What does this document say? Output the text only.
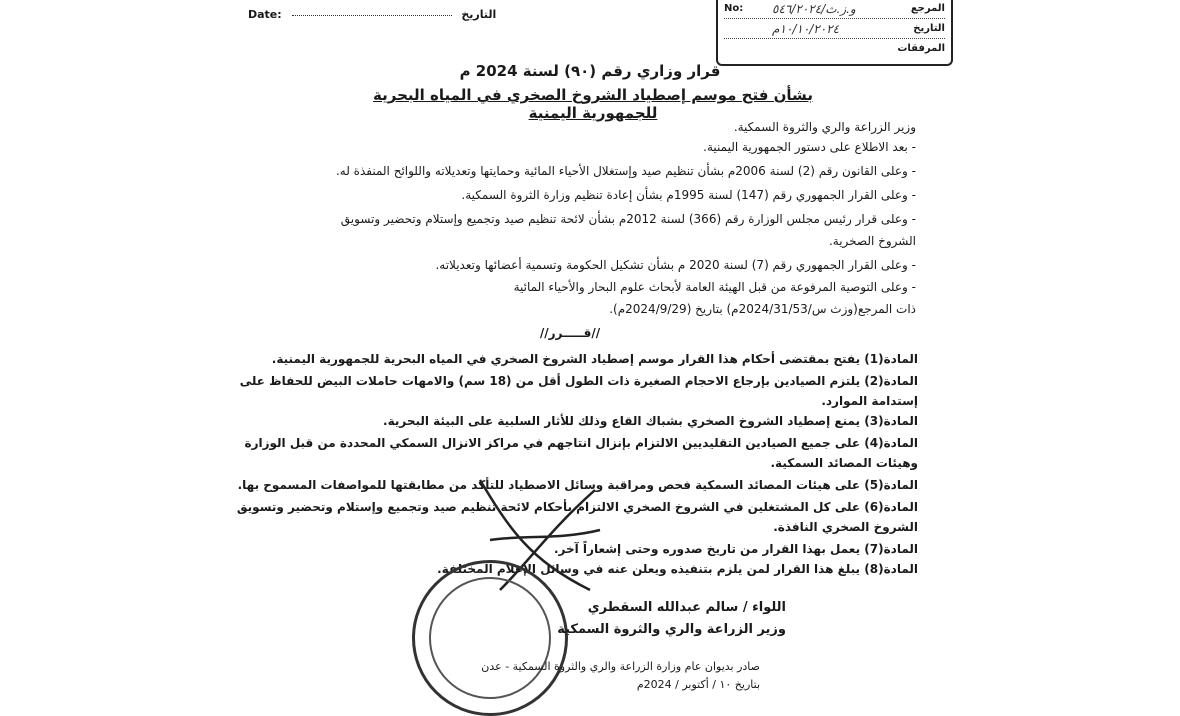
Date:	التاريخ	No: و.ز.ث/٥٤٦/٢٠٢٤	المرجع
١٠/١٠/٢٠٢٤م	التاريخ
المرفقات
قرار وزاري رقم (٩٠) لسنة 2024 م
بشأن فتح موسم إصطياد الشروخ الصخري في المياه البحرية للجمهورية اليمنية
وزير الزراعة والري والثروة السمكية.
- بعد الاطلاع على دستور الجمهورية اليمنية.
- وعلى القانون رقم (2) لسنة 2006م بشأن تنظيم صيد وإستغلال الأحياء المائية وحمايتها وتعديلاته واللوائح المنفذة له.
- وعلى القرار الجمهوري رقم (147) لسنة 1995م بشأن إعادة تنظيم وزارة الثروة السمكية.
- وعلى قرار رئيس مجلس الوزارة رقم (366) لسنة 2012م بشأن لائحة تنظيم صيد وتجميع وإستلام وتحضير وتسويق
الشروخ الصخرية.
- وعلى القرار الجمهوري رقم (7) لسنة 2020 م بشأن تشكيل الحكومة وتسمية أعضائها وتعديلاته.
- وعلى التوصية المرفوعة من قبل الهيئة العامة لأبحاث علوم البحار والأحياء المائية
ذات المرجع(وزث س/2024/31/53م) بتاريخ (2024/9/29م).
//قـــــرر//
المادة(1) يفتح بمقتضى أحكام هذا القرار موسم إصطياد الشروخ الصخري في المياه البحرية للجمهورية اليمنية.
المادة(2) يلتزم الصيادين بإرجاع الاحجام الصغيرة ذات الطول أقل من (18 سم) والامهات حاملات البيض للحفاظ على
إستدامة الموارد.
المادة(3) يمنع إصطياد الشروخ الصخري بشباك القاع وذلك للأثار السلبية على البيئة البحرية.
المادة(4) على جميع الصيادين التقليديين الالتزام بإنزال انتاجهم في مراكز الانزال السمكي المحددة من قبل الوزارة
وهيئات المصائد السمكية.
المادة(5) على هيئات المصائد السمكية فحص ومراقبة وسائل الاصطياد للتأكد من مطابقتها للمواصفات المسموح بها.
المادة(6) على كل المشتغلين في الشروخ الصخري الالتزام بأحكام لائحة تنظيم صيد وتجميع وإستلام وتحضير وتسويق
الشروخ الصخري النافذة.
المادة(7) يعمل بهذا القرار من تاريخ صدوره وحتى إشعاراً آخر.
المادة(8) يبلغ هذا القرار لمن يلزم بتنفيذه ويعلن عنه في وسائل الإعلام المختلفة.
اللواء / سالم عبدالله السقطري
وزير الزراعة والري والثروة السمكية
صادر بديوان عام وزارة الزراعة والري والثروة السمكية - عدن
بتاريخ ١٠ / أكتوبر / 2024م
